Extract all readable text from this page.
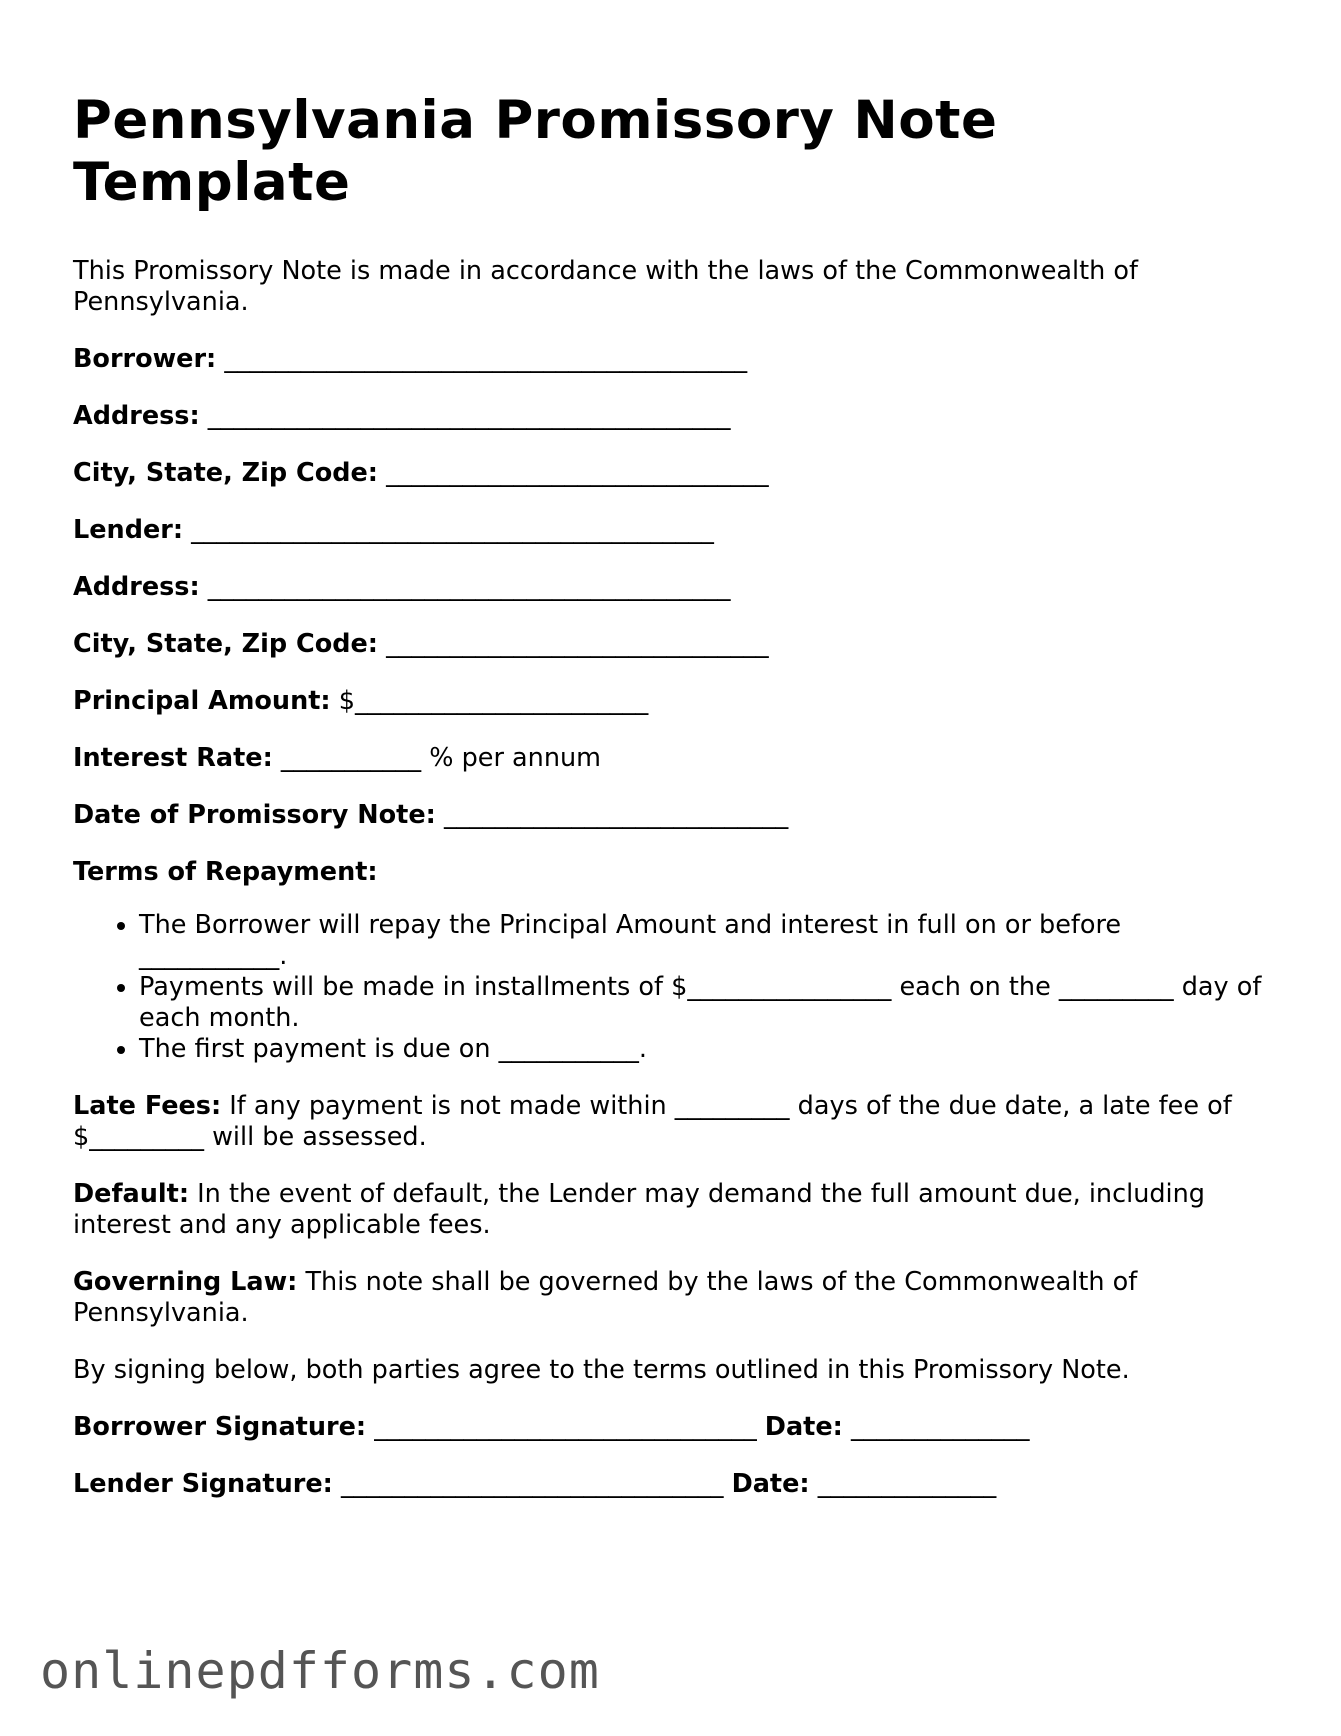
Pennsylvania Promissory Note Template

This Promissory Note is made in accordance with the laws of the Commonwealth of Pennsylvania.

Borrower: _________________________________________

Address: _________________________________________

City, State, Zip Code: ______________________________

Lender: _________________________________________

Address: _________________________________________

City, State, Zip Code: ______________________________

Principal Amount: $_______________________

Interest Rate: ___________ % per annum

Date of Promissory Note: ___________________________

Terms of Repayment:

• The Borrower will repay the Principal Amount and interest in full on or before ___________.
• Payments will be made in installments of $________________ each on the _________ day of each month.
• The first payment is due on ___________.

Late Fees: If any payment is not made within _________ days of the due date, a late fee of $_________ will be assessed.

Default: In the event of default, the Lender may demand the full amount due, including interest and any applicable fees.

Governing Law: This note shall be governed by the laws of the Commonwealth of Pennsylvania.

By signing below, both parties agree to the terms outlined in this Promissory Note.

Borrower Signature: ______________________________ Date: ______________

Lender Signature: ______________________________ Date: ______________

onlinepdfforms.com
